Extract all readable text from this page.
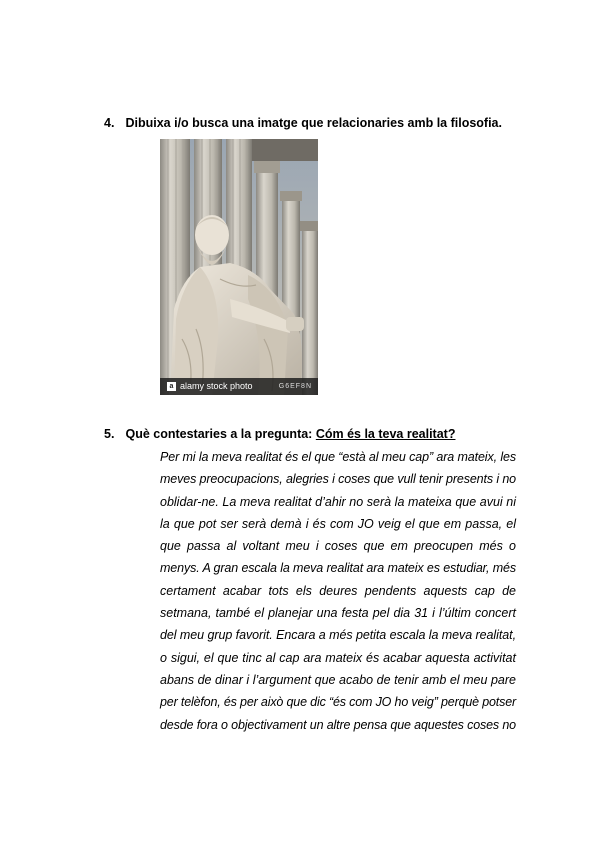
4. Dibuixa i/o busca una imatge que relacionaries amb la filosofia.
a alamy stock photo	G6EF8N
5. Què contestaries a la pregunta: Cóm és la teva realitat?
Per mi la meva realitat és el que “està al meu cap” ara mateix, les
meves preocupacions, alegries i coses que vull tenir presents i no
oblidar-ne. La meva realitat d’ahir no serà la mateixa que avui ni
la que pot ser serà demà i és com JO veig el que em passa, el
que passa al voltant meu i coses que em preocupen més o
menys. A gran escala la meva realitat ara mateix es estudiar, més
certament acabar tots els deures pendents aquests cap de
setmana, també el planejar una festa pel dia 31 i l’últim concert
del meu grup favorit. Encara a més petita escala la meva realitat,
o sigui, el que tinc al cap ara mateix és acabar aquesta activitat
abans de dinar i l’argument que acabo de tenir amb el meu pare
per telèfon, és per això que dic “és com JO ho veig” perquè potser
desde fora o objectivament un altre pensa que aquestes coses no
